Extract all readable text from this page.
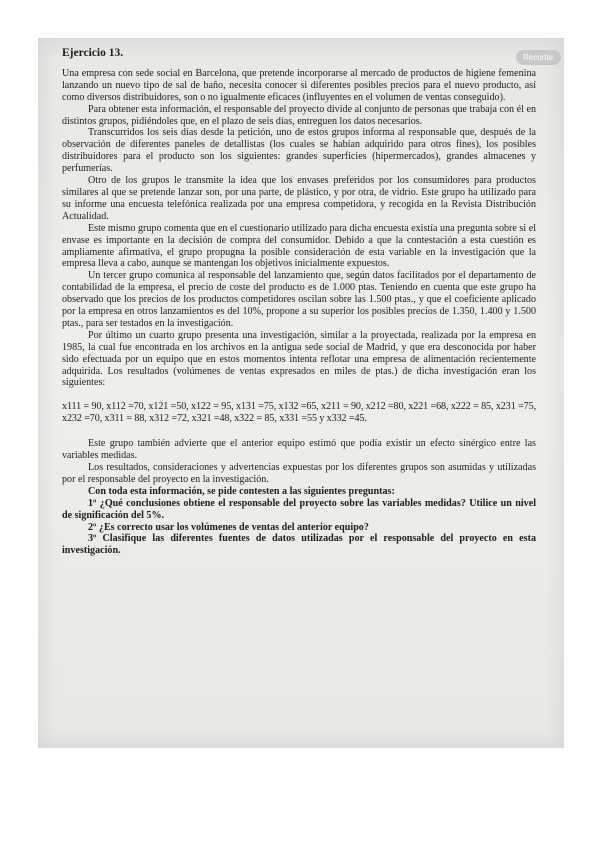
Ejercicio 13.

Una empresa con sede social en Barcelona, que pretende incorporarse al mercado de productos de higiene femenina lanzando un nuevo tipo de sal de baño, necesita conocer si diferentes posibles precios para el nuevo producto, así como diversos distribuidores, son o no igualmente eficaces (influyentes en el volumen de ventas conseguido).

Para obtener esta información, el responsable del proyecto divide al conjunto de personas que trabaja con él en distintos grupos, pidiéndoles que, en el plazo de seis días, entreguen los datos necesarios.

Transcurridos los seis días desde la petición, uno de estos grupos informa al responsable que, después de la observación de diferentes paneles de detallistas (los cuales se habían adquirido para otros fines), los posibles distribuidores para el producto son los siguientes: grandes superficies (hipermercados), grandes almacenes y perfumerías.

Otro de los grupos le transmite la idea que los envases preferidos por los consumidores para productos similares al que se pretende lanzar son, por una parte, de plástico, y por otra, de vidrio. Este grupo ha utilizado para su informe una encuesta telefónica realizada por una empresa competidora, y recogida en la Revista Distribución Actualidad.

Este mismo grupo comenta que en el cuestionario utilizado para dicha encuesta existía una pregunta sobre si el envase es importante en la decisión de compra del consumidor. Debido a que la contestación a esta cuestión es ampliamente afirmativa, el grupo propugna la posible consideración de esta variable en la investigación que la empresa lleva a cabo, aunque se mantengan los objetivos inicialmente expuestos.

Un tercer grupo comunica al responsable del lanzamiento que, según datos facilitados por el departamento de contabilidad de la empresa, el precio de coste del producto es de 1.000 ptas. Teniendo en cuenta que este grupo ha observado que los precios de los productos competidores oscilan sobre las 1.500 ptas., y que el coeficiente aplicado por la empresa en otros lanzamientos es del 10%, propone a su superior los posibles precios de 1.350, 1.400 y 1.500 ptas., para ser testados en la investigación.

Por último un cuarto grupo presenta una investigación, similar a la proyectada, realizada por la empresa en 1985, la cual fue encontrada en los archivos en la antigua sede social de Madrid, y que era desconocida por haber sido efectuada por un equipo que en estos momentos intenta reflotar una empresa de alimentación recientemente adquirida. Los resultados (volúmenes de ventas expresados en miles de ptas.) de dicha investigación eran los siguientes:

x111 = 90, x112 =70, x121 =50, x122 = 95, x131 =75, x132 =65, x211 = 90, x212 =80, x221 =68, x222 = 85, x231 =75, x232 =70, x311 = 88, x312 =72, x321 =48, x322 = 85, x331 =55 y x332 =45.

Este grupo también advierte que el anterior equipo estimó que podía existir un efecto sinérgico entre las variables medidas.

Los resultados, consideraciones y advertencias expuestas por los diferentes grupos son asumidas y utilizadas por el responsable del proyecto en la investigación.

Con toda esta información, se pide contesten a las siguientes preguntas:

1º ¿Qué conclusiones obtiene el responsable del proyecto sobre las variables medidas? Utilice un nivel de significación del 5%.

2º ¿Es correcto usar los volúmenes de ventas del anterior equipo?

3º Clasifique las diferentes fuentes de datos utilizadas por el responsable del proyecto en esta investigación.

Recortar
